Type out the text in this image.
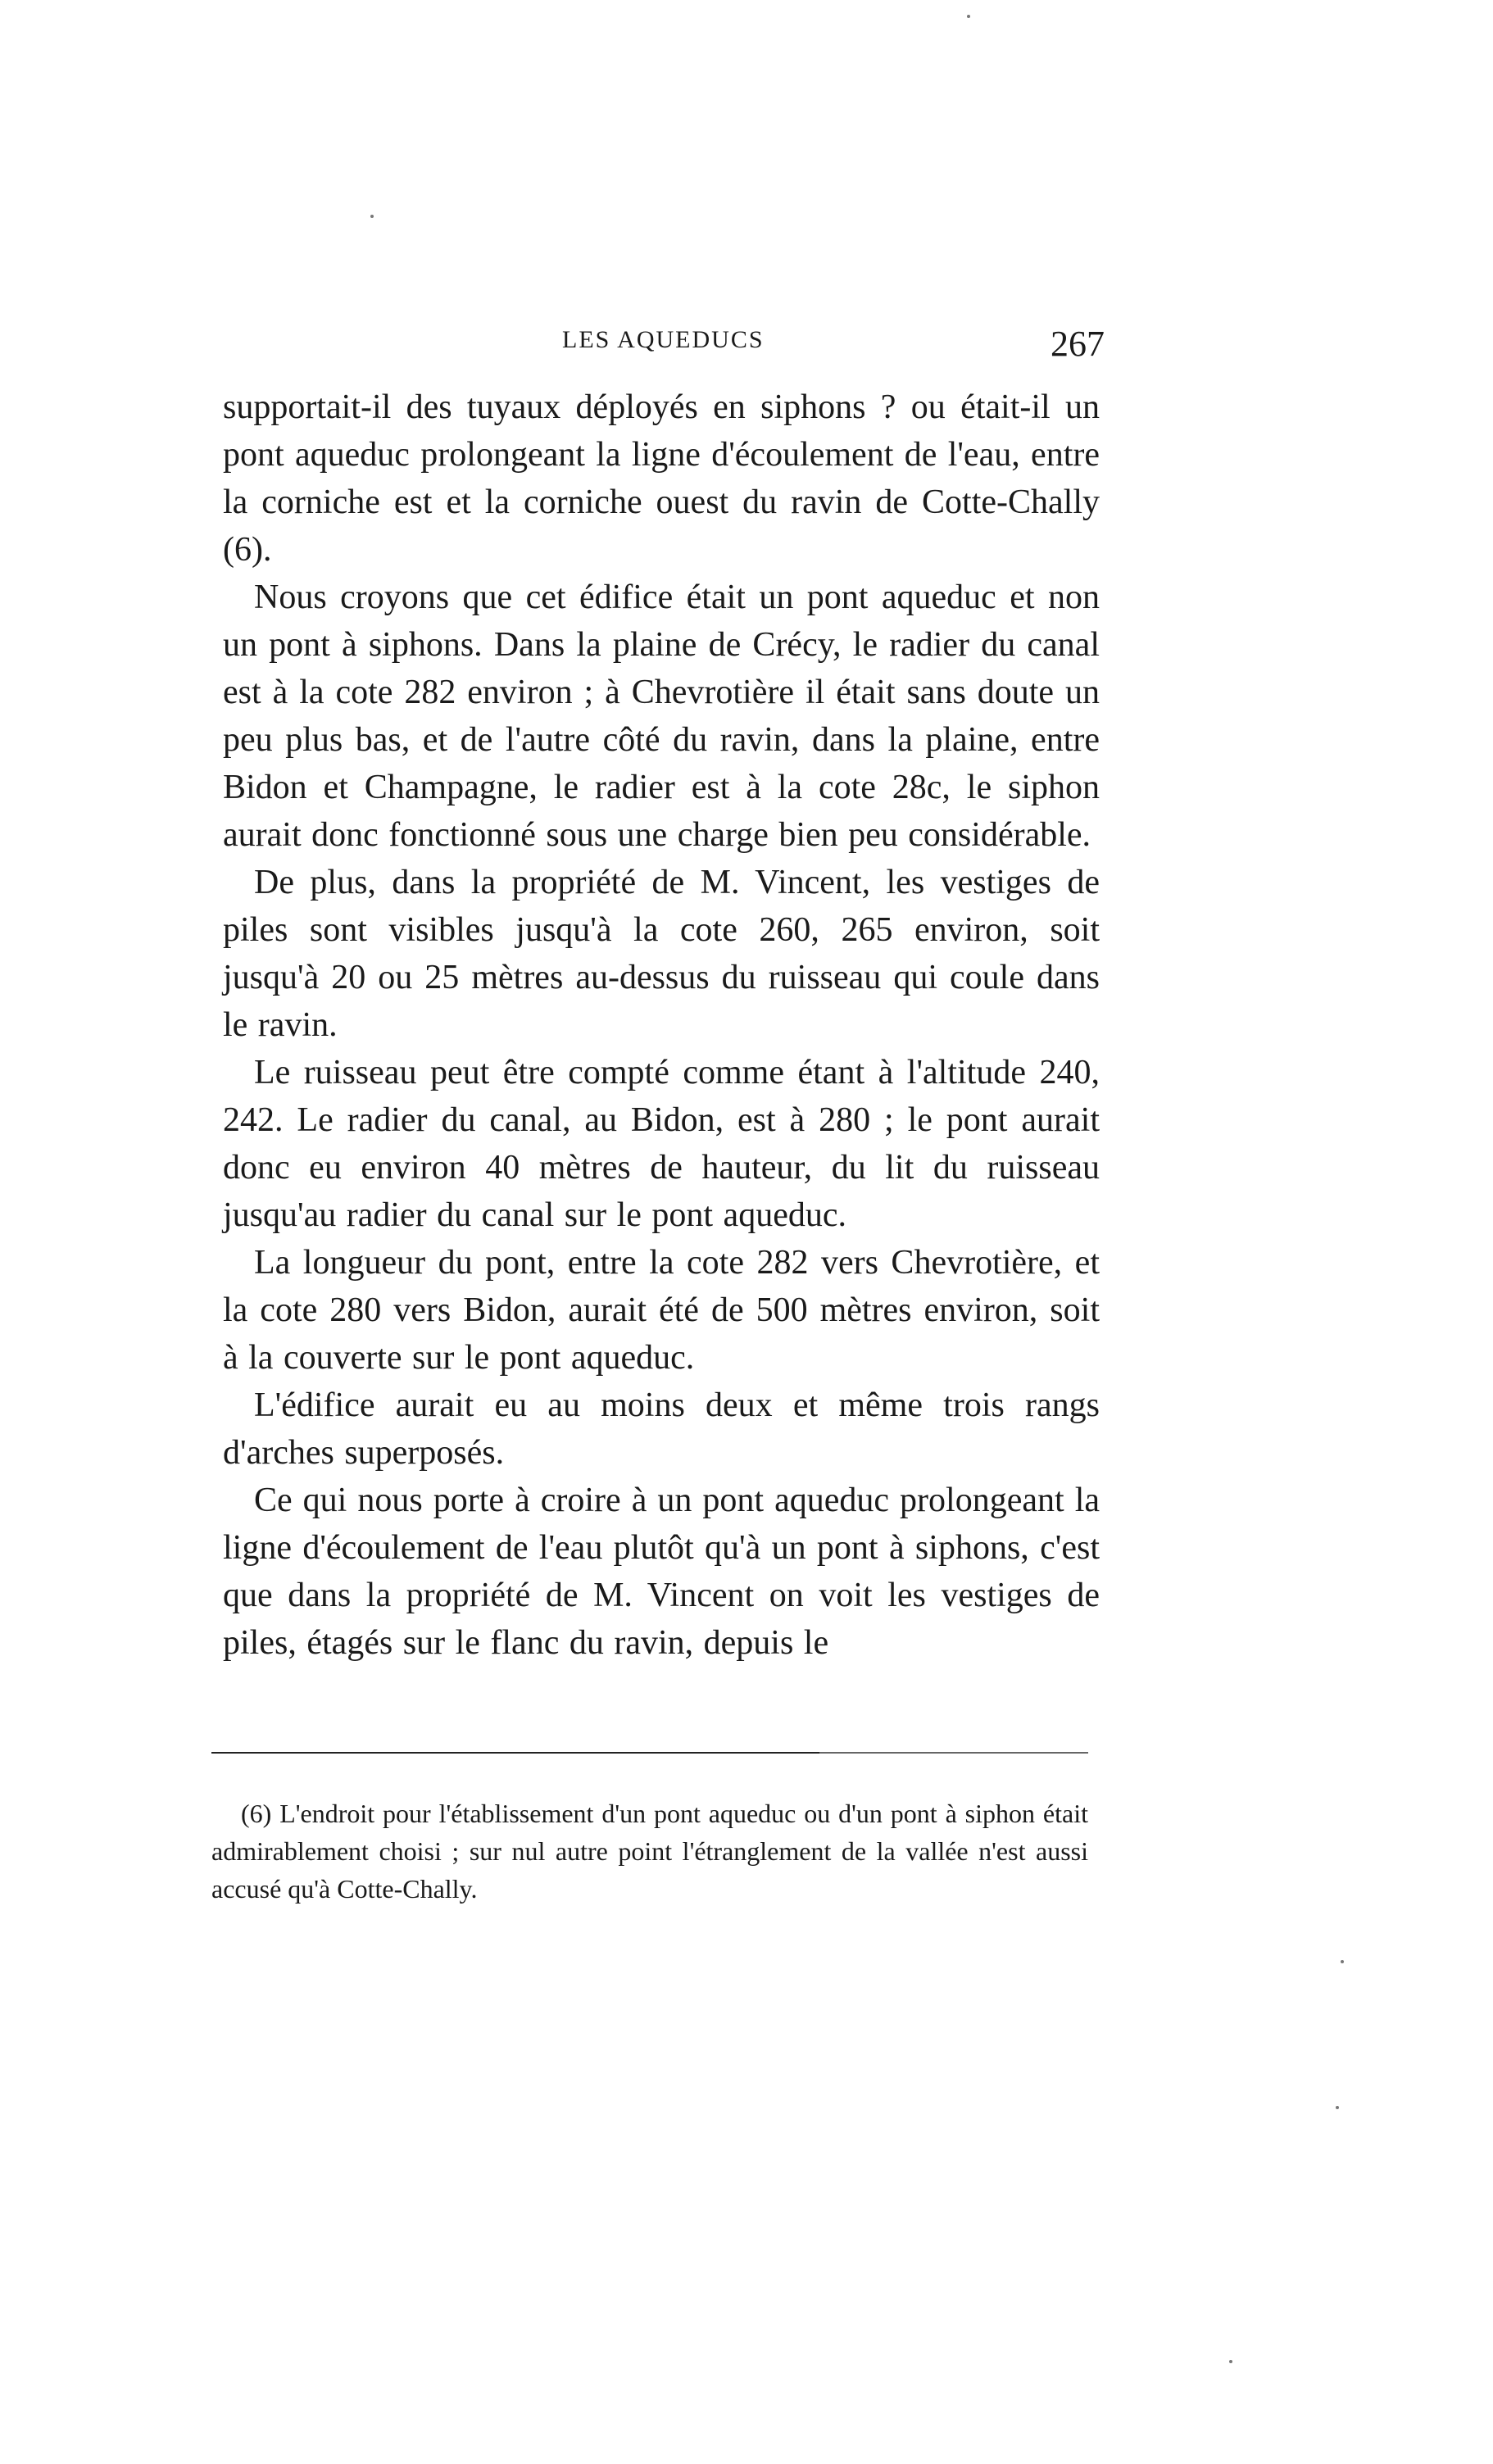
LES AQUEDUCS	267

supportait-il des tuyaux déployés en siphons ? ou était-il un pont aqueduc prolongeant la ligne d'écoulement de l'eau, entre la corniche est et la corniche ouest du ravin de Cotte-Chally (6).

Nous croyons que cet édifice était un pont aqueduc et non un pont à siphons. Dans la plaine de Crécy, le radier du canal est à la cote 282 environ ; à Chevrotière il était sans doute un peu plus bas, et de l'autre côté du ravin, dans la plaine, entre Bidon et Champagne, le radier est à la cote 28c, le siphon aurait donc fonctionné sous une charge bien peu considérable.

De plus, dans la propriété de M. Vincent, les vestiges de piles sont visibles jusqu'à la cote 260, 265 environ, soit jusqu'à 20 ou 25 mètres au-dessus du ruisseau qui coule dans le ravin.

Le ruisseau peut être compté comme étant à l'altitude 240, 242. Le radier du canal, au Bidon, est à 280 ; le pont aurait donc eu environ 40 mètres de hauteur, du lit du ruisseau jusqu'au radier du canal sur le pont aqueduc.

La longueur du pont, entre la cote 282 vers Chevrotière, et la cote 280 vers Bidon, aurait été de 500 mètres environ, soit à la couverte sur le pont aqueduc.

L'édifice aurait eu au moins deux et même trois rangs d'arches superposés.

Ce qui nous porte à croire à un pont aqueduc prolongeant la ligne d'écoulement de l'eau plutôt qu'à un pont à siphons, c'est que dans la propriété de M. Vincent on voit les vestiges de piles, étagés sur le flanc du ravin, depuis le

(6) L'endroit pour l'établissement d'un pont aqueduc ou d'un pont à siphon était admirablement choisi ; sur nul autre point l'étranglement de la vallée n'est aussi accusé qu'à Cotte-Chally.
